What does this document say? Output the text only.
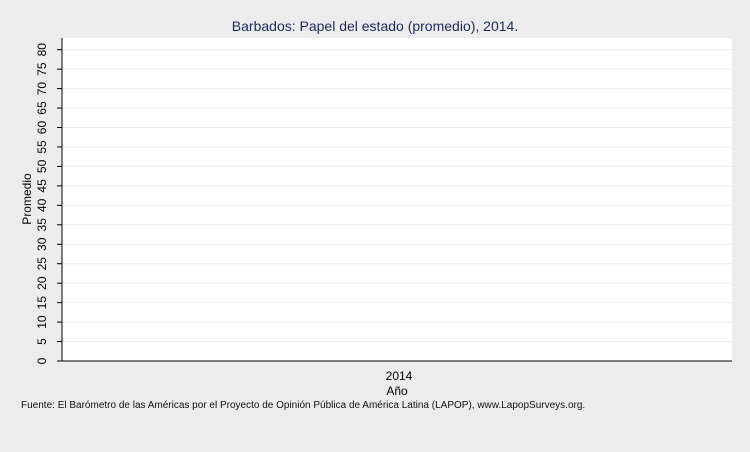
0
5
10
15
20
25
30
35
40
45
50
55
60
65
70
75
80
2014
Barbados: Papel del estado (promedio), 2014.
Promedio
Año
Fuente: El Barómetro de las Américas por el Proyecto de Opinión Pública de América Latina (LAPOP), www.LapopSurveys.org.
